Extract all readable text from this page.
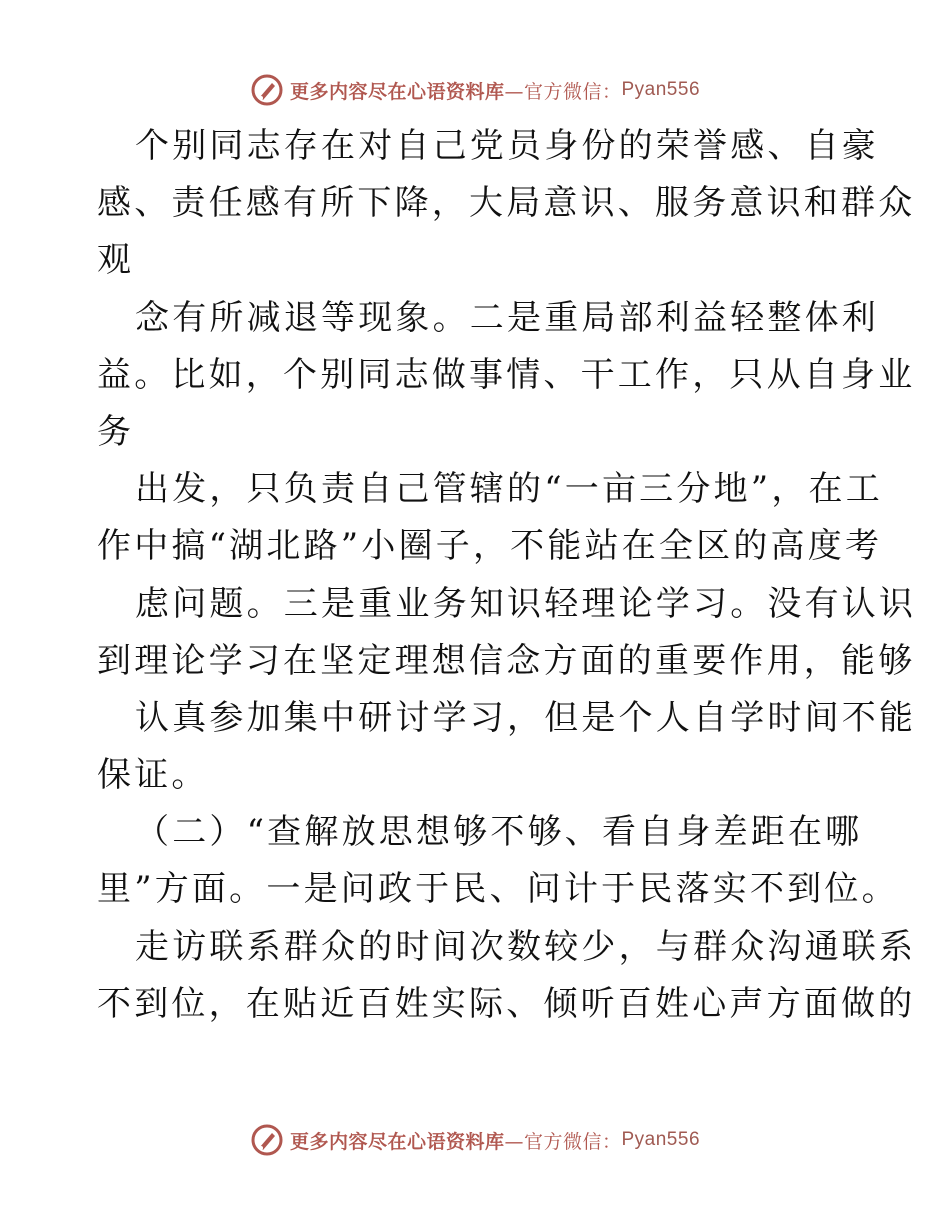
更多内容尽在心语资料库 —官方微信： Pyan556
个别同志存在对自己党员身份的荣誉感、自豪
感、责任感有所下降，大局意识、服务意识和群众
观
念有所减退等现象。二是重局部利益轻整体利
益。比如，个别同志做事情、干工作，只从自身业
务
出发，只负责自己管辖的“一亩三分地”，在工
作中搞“湖北路”小圈子，不能站在全区的高度考
虑问题。三是重业务知识轻理论学习。没有认识
到理论学习在坚定理想信念方面的重要作用，能够
认真参加集中研讨学习，但是个人自学时间不能
保证。
（二）“查解放思想够不够、看自身差距在哪
里”方面。一是问政于民、问计于民落实不到位。
走访联系群众的时间次数较少，与群众沟通联系
不到位，在贴近百姓实际、倾听百姓心声方面做的
更多内容尽在心语资料库 —官方微信： Pyan556
